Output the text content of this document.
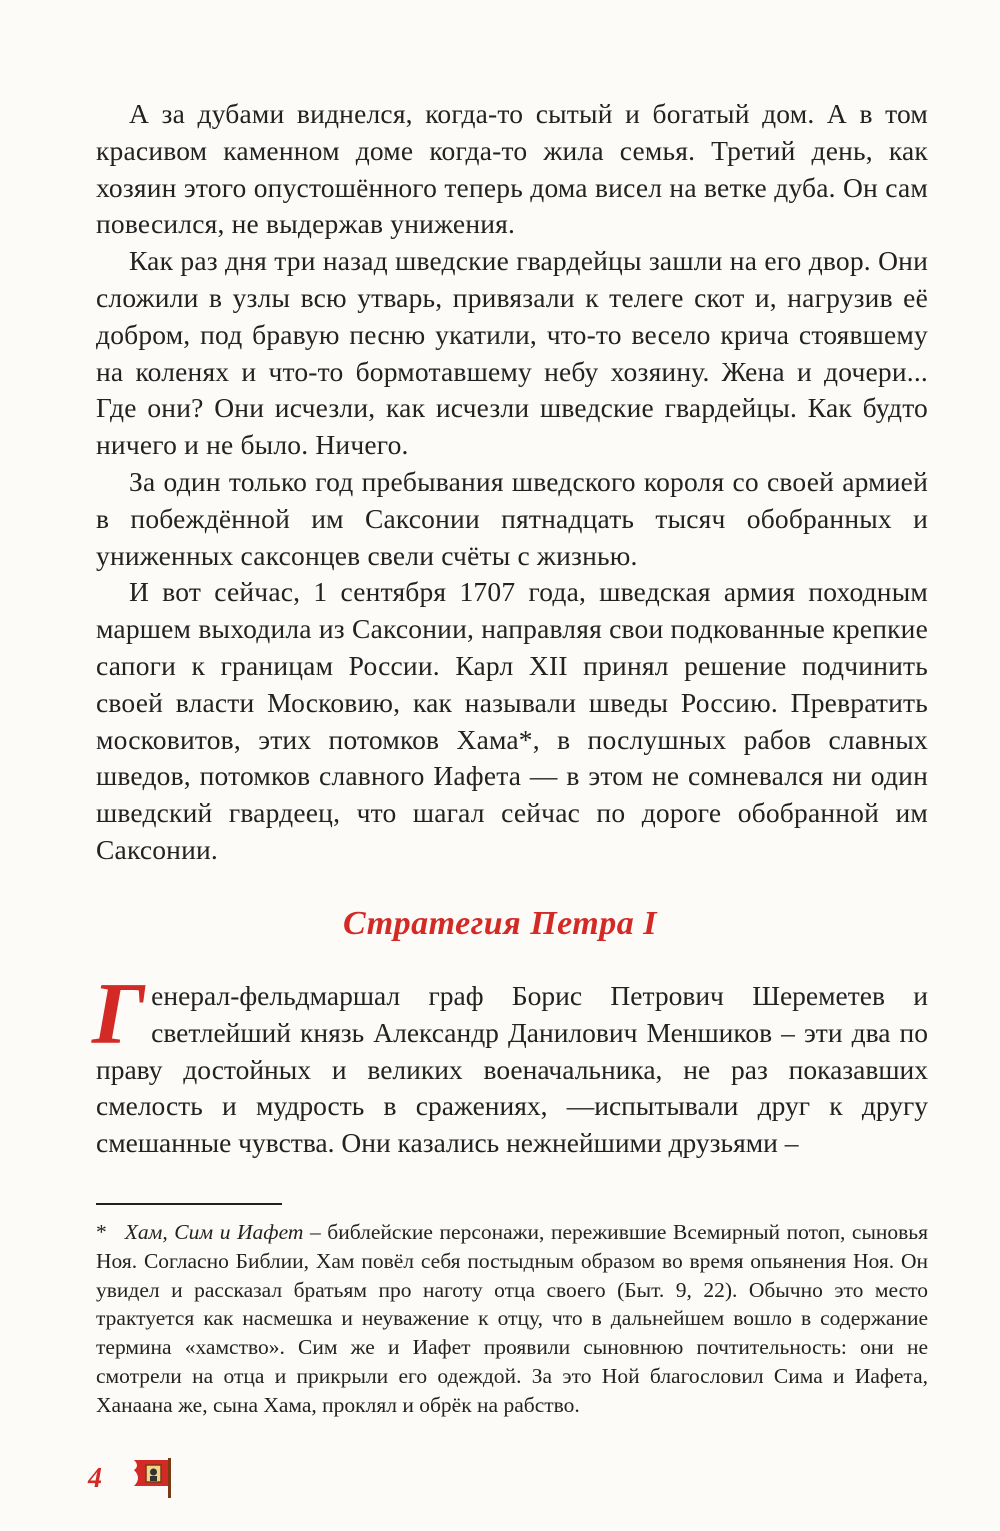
А за дубами виднелся, когда-то сытый и богатый дом. А в том красивом каменном доме когда-то жила семья. Третий день, как хозяин этого опустошённого теперь дома висел на ветке дуба. Он сам повесился, не выдержав унижения.

Как раз дня три назад шведские гвардейцы зашли на его двор. Они сложили в узлы всю утварь, привязали к телеге скот и, нагрузив её добром, под бравую песню укатили, что-то весело крича стоявшему на коленях и что-то бормотавшему небу хозяину. Жена и дочери... Где они? Они исчезли, как исчезли шведские гвардейцы. Как будто ничего и не было. Ничего.

За один только год пребывания шведского короля со своей армией в побеждённой им Саксонии пятнадцать тысяч обобранных и униженных саксонцев свели счёты с жизнью.

И вот сейчас, 1 сентября 1707 года, шведская армия походным маршем выходила из Саксонии, направляя свои подкованные крепкие сапоги к границам России. Карл XII принял решение подчинить своей власти Московию, как называли шведы Россию. Превратить московитов, этих потомков Хама*, в послушных рабов славных шведов, потомков славного Иафета — в этом не сомневался ни один шведский гвардеец, что шагал сейчас по дороге обобранной им Саксонии.

Стратегия Петра I
Г енерал-фельдмаршал граф Борис Петрович Шереметев и светлейший князь Александр Данилович Меншиков – эти два по праву достойных и великих военачальника, не раз показавших смелость и мудрость в сражениях, —испытывали друг к другу смешанные чувства. Они казались нежнейшими друзьями –

* Хам, Сим и Иафет – библейские персонажи, пережившие Всемирный потоп, сыновья Ноя. Согласно Библии, Хам повёл себя постыдным образом во время опьянения Ноя. Он увидел и рассказал братьям про наготу отца своего (Быт. 9, 22). Обычно это место трактуется как насмешка и неуважение к отцу, что в дальнейшем вошло в содержание термина «хамство». Сим же и Иафет проявили сыновнюю почтительность: они не смотрели на отца и прикрыли его одеждой. За это Ной благословил Сима и Иафета, Ханаана же, сына Хама, проклял и обрёк на рабство.

4
